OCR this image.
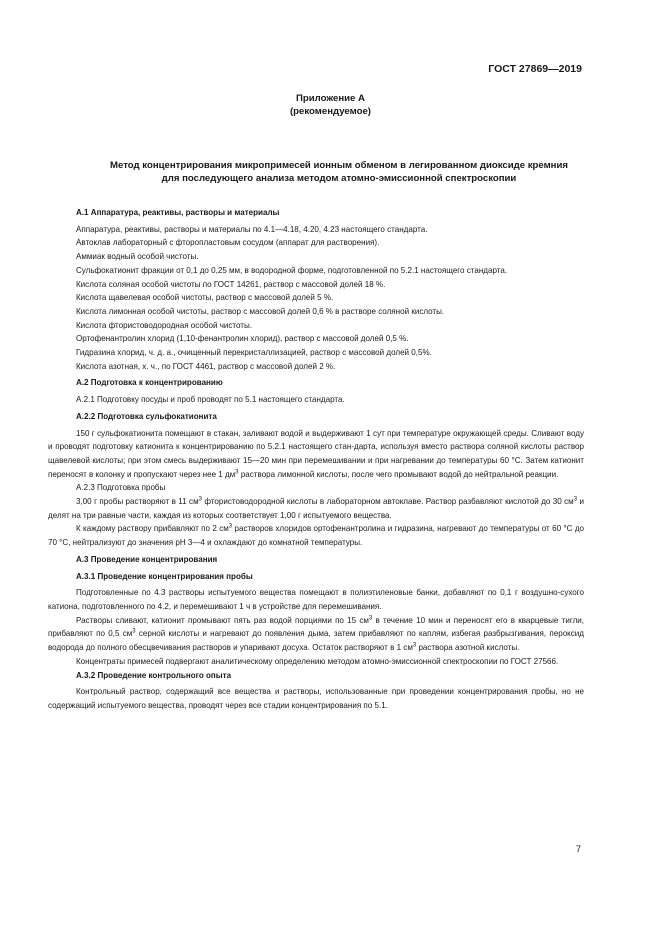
ГОСТ 27869—2019
Приложение А
(рекомендуемое)
Метод концентрирования микропримесей ионным обменом в легированном диоксиде кремния
для последующего анализа методом атомно-эмиссионной спектроскопии

А.1 Аппаратура, реактивы, растворы и материалы

Аппаратура, реактивы, растворы и материалы по 4.1—4.18, 4.20, 4.23 настоящего стандарта.

Автоклав лабораторный с фторопластовым сосудом (аппарат для растворения).

Аммиак водный особой чистоты.

Сульфокатионит фракции от 0,1 до 0,25 мм, в водородной форме, подготовленной по 5.2.1 настоящего стандарта.

Кислота соляная особой чистоты по ГОСТ 14261, раствор с массовой долей 18 %.

Кислота щавелевая особой чистоты, раствор с массовой долей 5 %.

Кислота лимонная особой чистоты, раствор с массовой долей 0,6 % в растворе соляной кислоты.

Кислота фтористоводородная особой чистоты.

Ортофенантролин хлорид (1,10-фенантролин хлорид), раствор с массовой долей 0,5 %.

Гидразина хлорид, ч. д. а., очищенный перекристаллизацией, раствор с массовой долей 0,5%.

Кислота азотная, х. ч., по ГОСТ 4461, раствор с массовой долей 2 %.

А.2 Подготовка к концентрированию

А.2.1 Подготовку посуды и проб проводят по 5.1 настоящего стандарта.

А.2.2 Подготовка сульфокатионита

150 г сульфокатионита помещают в стакан, заливают водой и выдерживают 1 сут при температуре окружающей среды. Сливают воду и проводят подготовку катионита к концентрированию по 5.2.1 настоящего стан-дарта, используя вместо раствора соляной кислоты раствор щавелевой кислоты; при этом смесь выдерживают 15—20 мин при перемешивании и при нагревании до температуры 60 °С. Затем катионит переносят в колонку и пропускают через нее 1 $дм^3$ раствора лимонной кислоты, после чего промывают водой до нейтральной реакции.

А.2.3 Подготовка пробы

3,00 г пробы растворяют в 11 $см^3$ фтористоводородной кислоты в лабораторном автоклаве. Раствор разбавляют кислотой до 30 $см^3$ и делят на три равные части, каждая из которых соответствует 1,00 г испытуемого вещества.

К каждому раствору прибавляют по 2 $см^3$ растворов хлоридов ортофенантролина и гидразина, нагревают до температуры от 60 °С до 70 °С, нейтрализуют до значения рН 3—4 и охлаждают до комнатной температуры.

А.3 Проведение концентрирования

А.3.1 Проведение концентрирования пробы

Подготовленные по 4.3 растворы испытуемого вещества помещают в полиэтиленовые банки, добавляют по 0,1 г воздушно-сухого катиона, подготовленного по 4.2, и перемешивают 1 ч в устройстве для перемешивания.

Растворы сливают, катионит промывают пять раз водой порциями по 15 $см^3$ в течение 10 мин и переносят его в кварцевые тигли, прибавляют по 0,5 $см^3$ серной кислоты и нагревают до появления дыма, затем прибавляют по каплям, избегая разбрызгивания, пероксид водорода до полного обесцвечивания растворов и упаривают досуха. Остаток растворяют в 1 $см^3$ раствора азотной кислоты.

Концентраты примесей подвергают аналитическому определению методом атомно-эмиссионной спектроскопии по ГОСТ 27566.

А.3.2 Проведение контрольного опыта

Контрольный раствор, содержащий все вещества и растворы, использованные при проведении концентрирования пробы, но не содержащий испытуемого вещества, проводят через все стадии концентрирования по 5.1.

7
